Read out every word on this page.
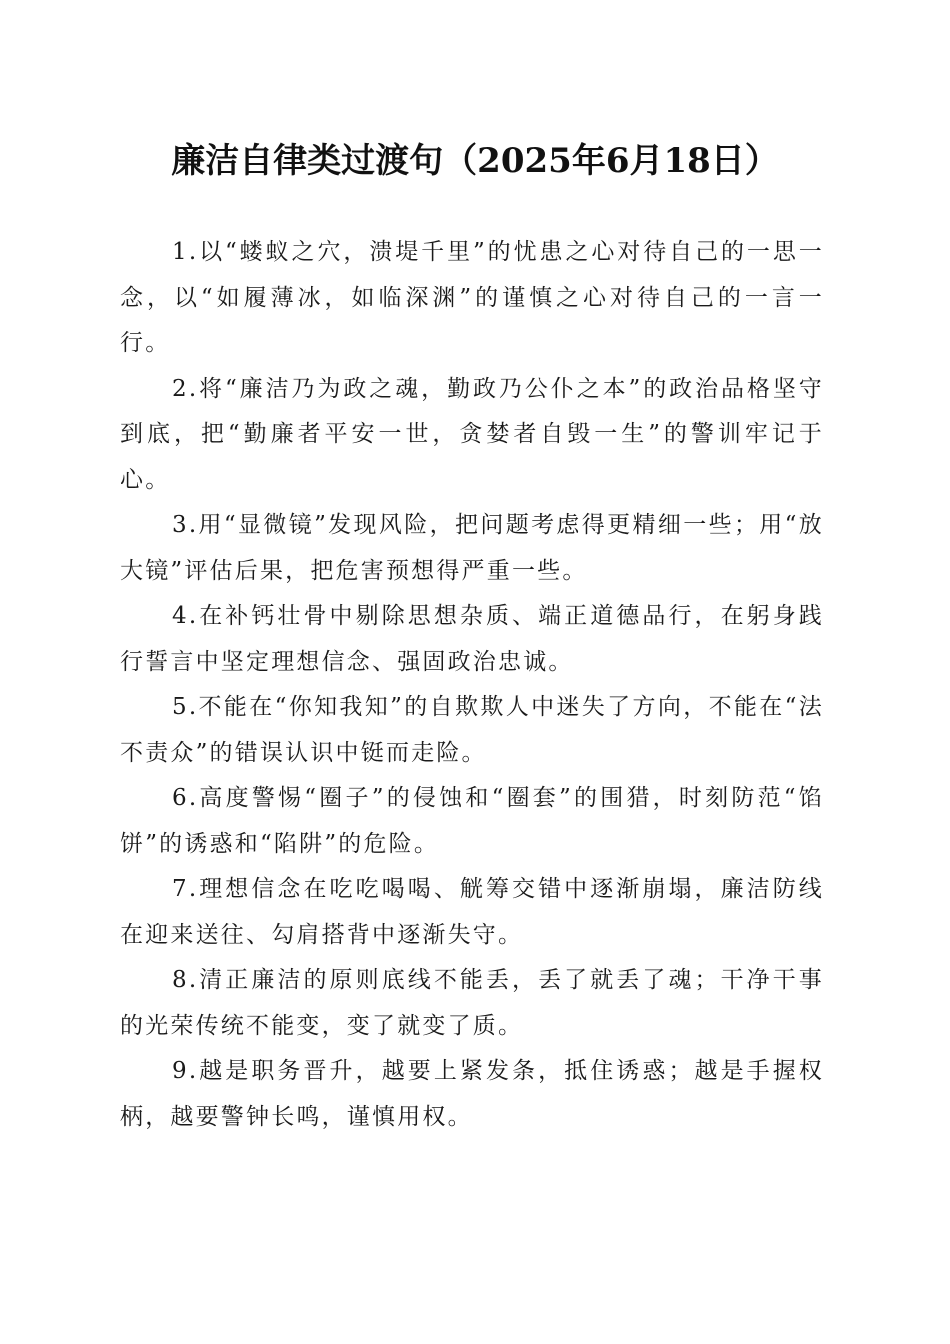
廉洁自律类过渡句（2025年6月18日）

1.以“蝼蚁之穴，溃堤千里”的忧患之心对待自己的一思一念，以“如履薄冰，如临深渊”的谨慎之心对待自己的一言一行。

2.将“廉洁乃为政之魂，勤政乃公仆之本”的政治品格坚守到底，把“勤廉者平安一世，贪婪者自毁一生”的警训牢记于心。

3.用“显微镜”发现风险，把问题考虑得更精细一些；用“放大镜”评估后果，把危害预想得严重一些。

4.在补钙壮骨中剔除思想杂质、端正道德品行，在躬身践行誓言中坚定理想信念、强固政治忠诚。

5.不能在“你知我知”的自欺欺人中迷失了方向，不能在“法不责众”的错误认识中铤而走险。

6.高度警惕“圈子”的侵蚀和“圈套”的围猎，时刻防范“馅饼”的诱惑和“陷阱”的危险。

7.理想信念在吃吃喝喝、觥筹交错中逐渐崩塌，廉洁防线在迎来送往、勾肩搭背中逐渐失守。

8.清正廉洁的原则底线不能丢，丢了就丢了魂；干净干事的光荣传统不能变，变了就变了质。

9.越是职务晋升，越要上紧发条，抵住诱惑；越是手握权柄，越要警钟长鸣，谨慎用权。
